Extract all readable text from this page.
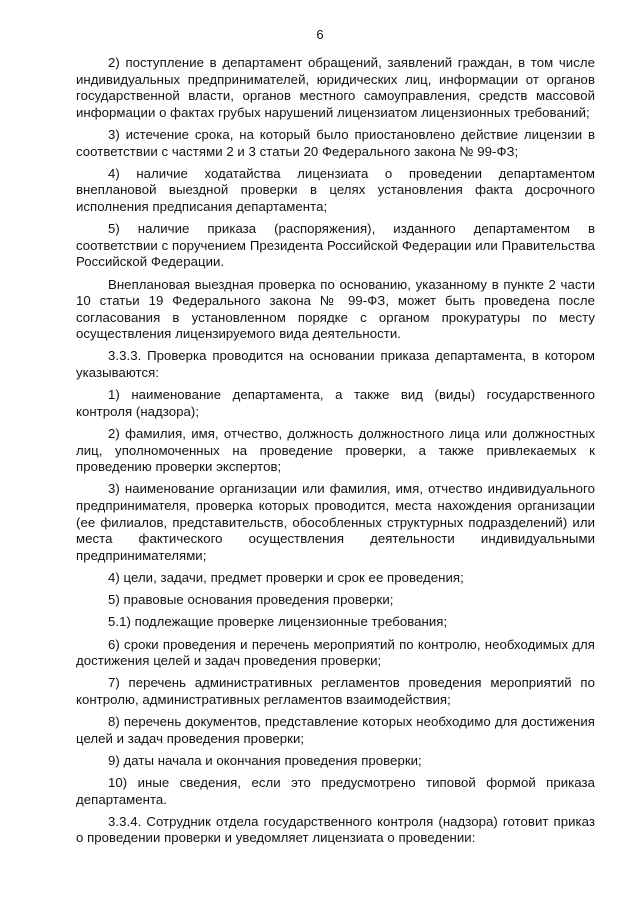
6

2) поступление в департамент обращений, заявлений граждан, в том числе индивидуальных предпринимателей, юридических лиц, информации от органов государственной власти, органов местного самоуправления, средств массовой информации о фактах грубых нарушений лицензиатом лицензионных требований;

3) истечение срока, на который было приостановлено действие лицензии в соответствии с частями 2 и 3 статьи 20 Федерального закона № 99-ФЗ;

4) наличие ходатайства лицензиата о проведении департаментом внеплановой выездной проверки в целях установления факта досрочного исполнения предписания департамента;

5) наличие приказа (распоряжения), изданного департаментом в соответствии с поручением Президента Российской Федерации или Правительства Российской Федерации.

Внеплановая выездная проверка по основанию, указанному в пункте 2 части 10 статьи 19 Федерального закона № 99-ФЗ, может быть проведена после согласования в установленном порядке с органом прокуратуры по месту осуществления лицензируемого вида деятельности.

3.3.3. Проверка проводится на основании приказа департамента, в котором указываются:

1) наименование департамента, а также вид (виды) государственного контроля (надзора);

2) фамилия, имя, отчество, должность должностного лица или должностных лиц, уполномоченных на проведение проверки, а также привлекаемых к проведению проверки экспертов;

3) наименование организации или фамилия, имя, отчество индивидуального предпринимателя, проверка которых проводится, места нахождения организации (ее филиалов, представительств, обособленных структурных подразделений) или места фактического осуществления деятельности индивидуальными предпринимателями;

4) цели, задачи, предмет проверки и срок ее проведения;

5) правовые основания проведения проверки;

5.1) подлежащие проверке лицензионные требования;

6) сроки проведения и перечень мероприятий по контролю, необходимых для достижения целей и задач проведения проверки;

7) перечень административных регламентов проведения мероприятий по контролю, административных регламентов взаимодействия;

8) перечень документов, представление которых необходимо для достижения целей и задач проведения проверки;

9) даты начала и окончания проведения проверки;

10) иные сведения, если это предусмотрено типовой формой приказа департамента.

3.3.4. Сотрудник отдела государственного контроля (надзора) готовит приказ о проведении проверки и уведомляет лицензиата о проведении:
